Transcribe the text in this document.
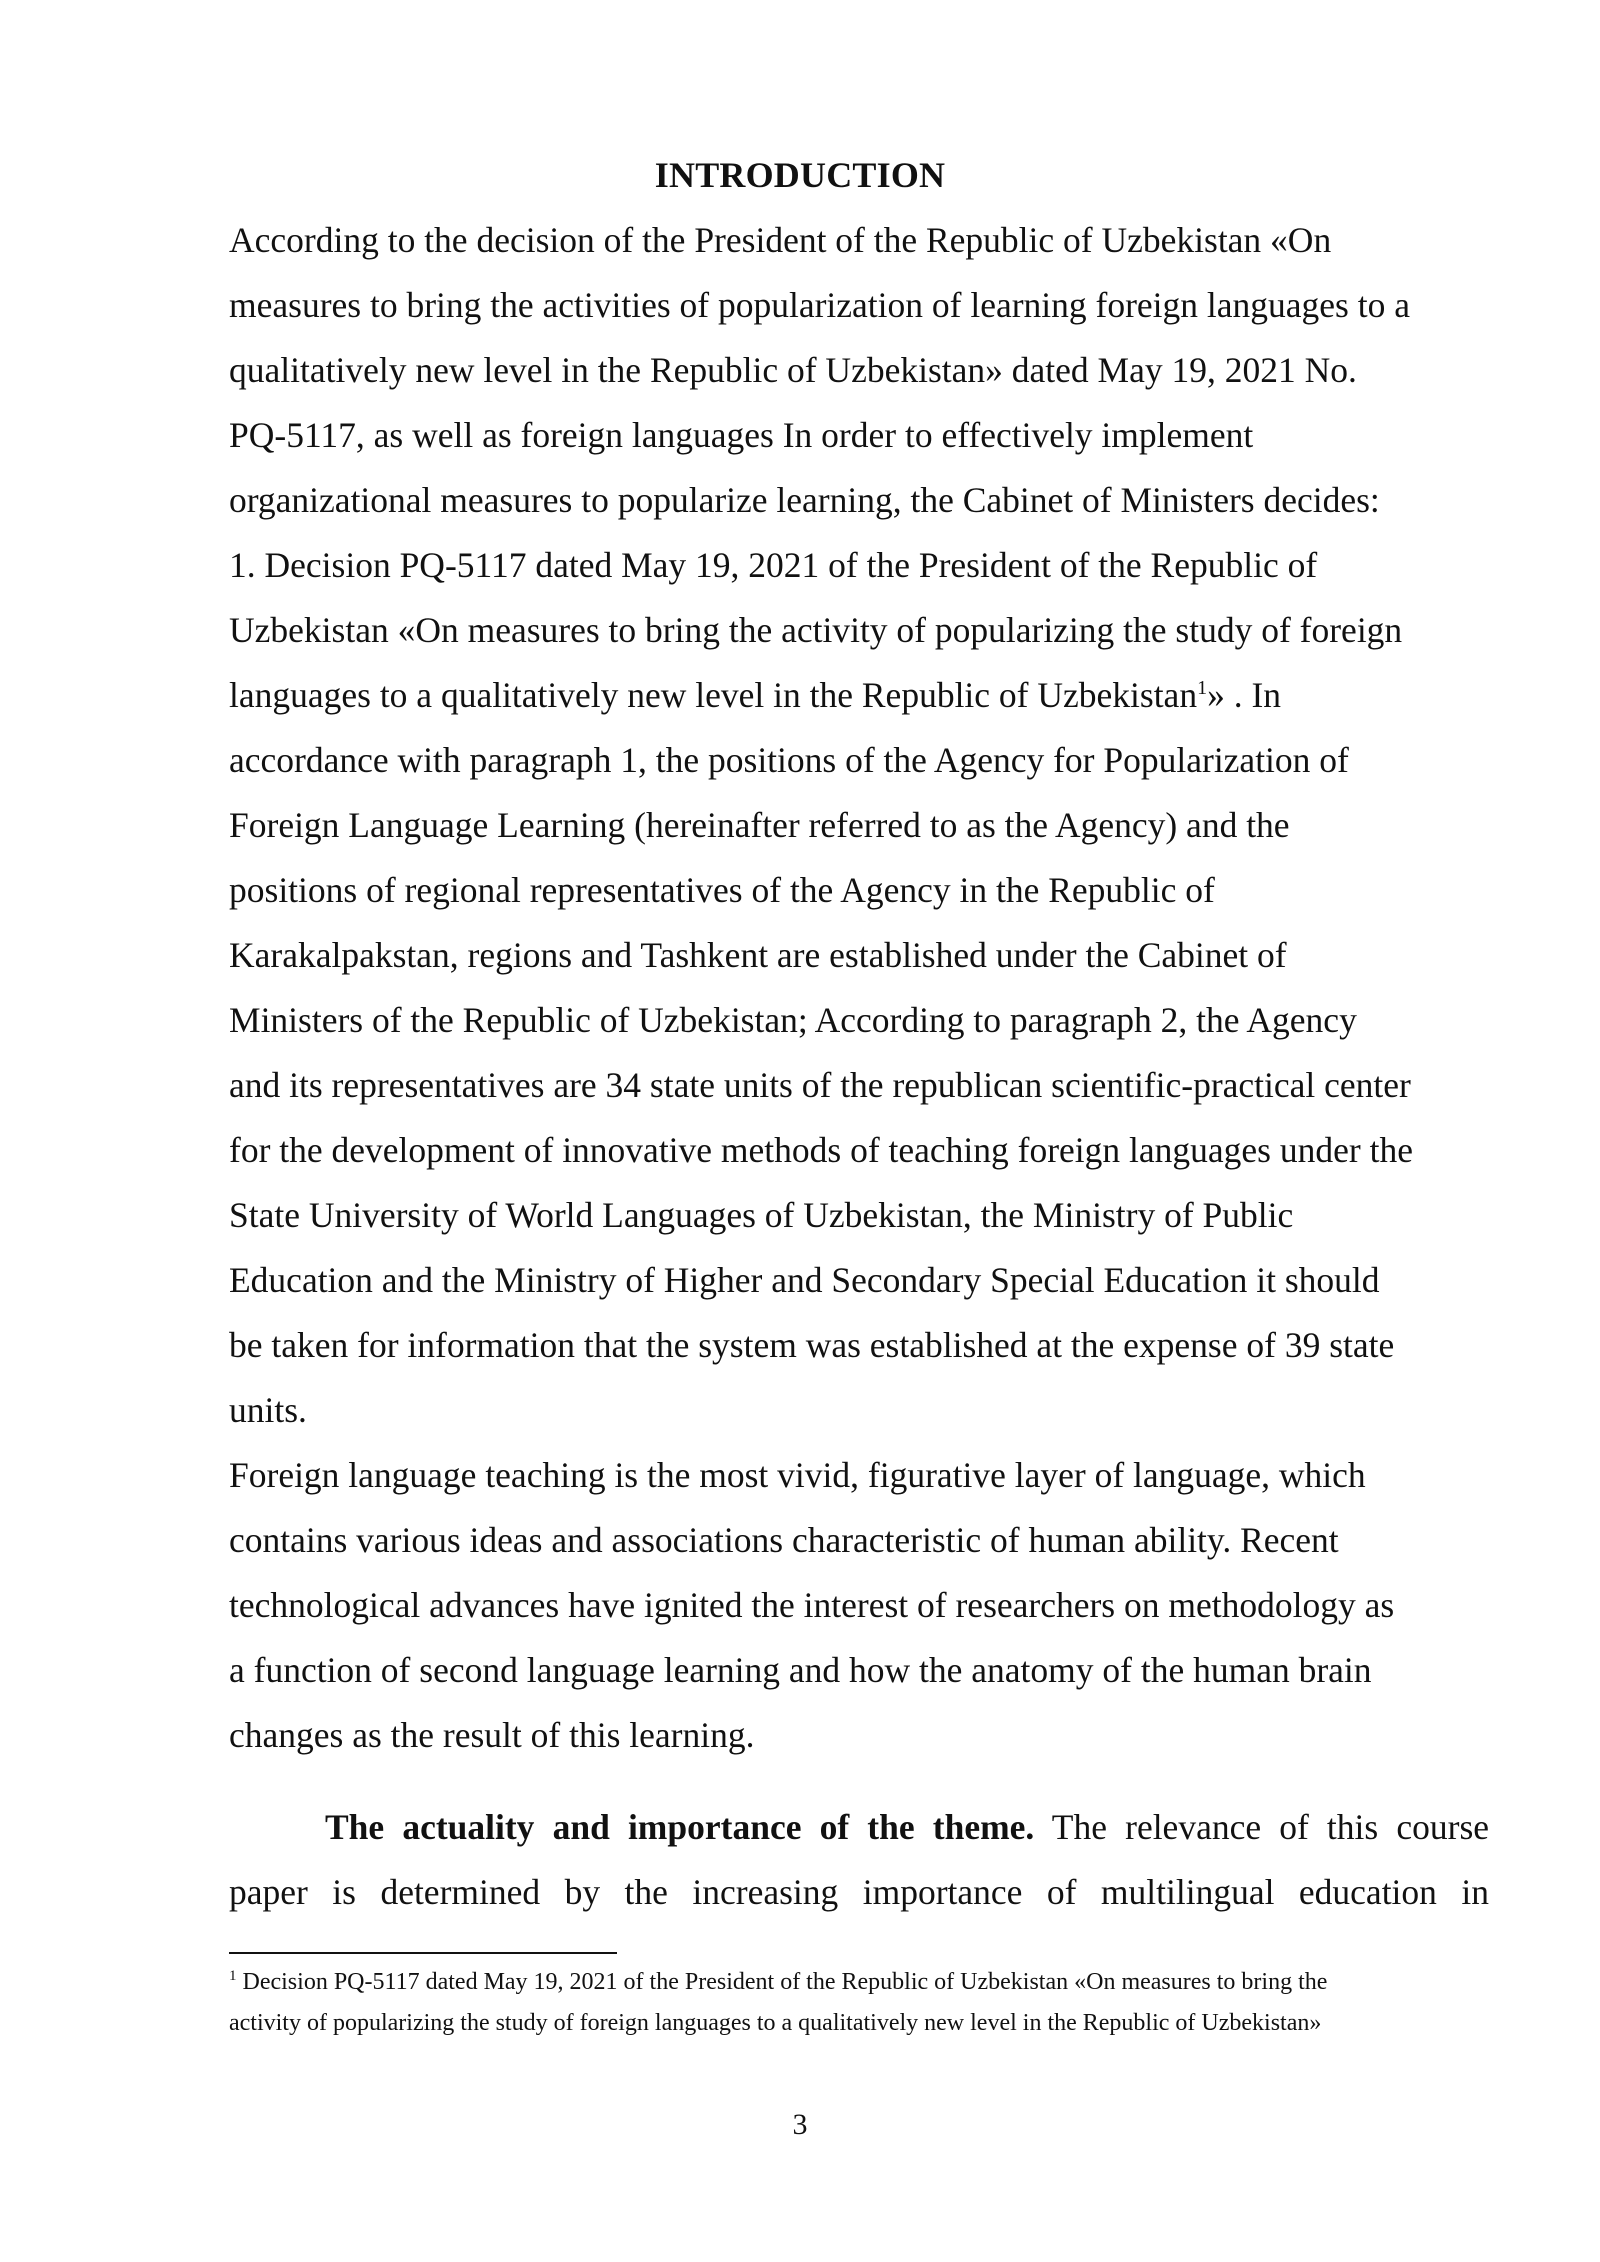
INTRODUCTION

According to the decision of the President of the Republic of Uzbekistan «On

measures to bring the activities of popularization of learning foreign languages to a

qualitatively new level in the Republic of Uzbekistan» dated May 19, 2021 No.

PQ-5117, as well as foreign languages In order to effectively implement

organizational measures to popularize learning, the Cabinet of Ministers decides:

1. Decision PQ-5117 dated May 19, 2021 of the President of the Republic of

Uzbekistan «On measures to bring the activity of popularizing the study of foreign

languages to a qualitatively new level in the Republic of Uzbekistan$^1$» . In

accordance with paragraph 1, the positions of the Agency for Popularization of

Foreign Language Learning (hereinafter referred to as the Agency) and the

positions of regional representatives of the Agency in the Republic of

Karakalpakstan, regions and Tashkent are established under the Cabinet of

Ministers of the Republic of Uzbekistan; According to paragraph 2, the Agency

and its representatives are 34 state units of the republican scientific-practical center

for the development of innovative methods of teaching foreign languages under the

State University of World Languages of Uzbekistan, the Ministry of Public

Education and the Ministry of Higher and Secondary Special Education it should

be taken for information that the system was established at the expense of 39 state

units.

Foreign language teaching is the most vivid, figurative layer of language, which

contains various ideas and associations characteristic of human ability. Recent

technological advances have ignited the interest of researchers on methodology as

a function of second language learning and how the anatomy of the human brain

changes as the result of this learning.

The actuality and importance of the theme. The relevance of this course

paper is determined by the increasing importance of multilingual education in

$^1$ Decision PQ-5117 dated May 19, 2021 of the President of the Republic of Uzbekistan «On measures to bring the

activity of popularizing the study of foreign languages to a qualitatively new level in the Republic of Uzbekistan»

3
